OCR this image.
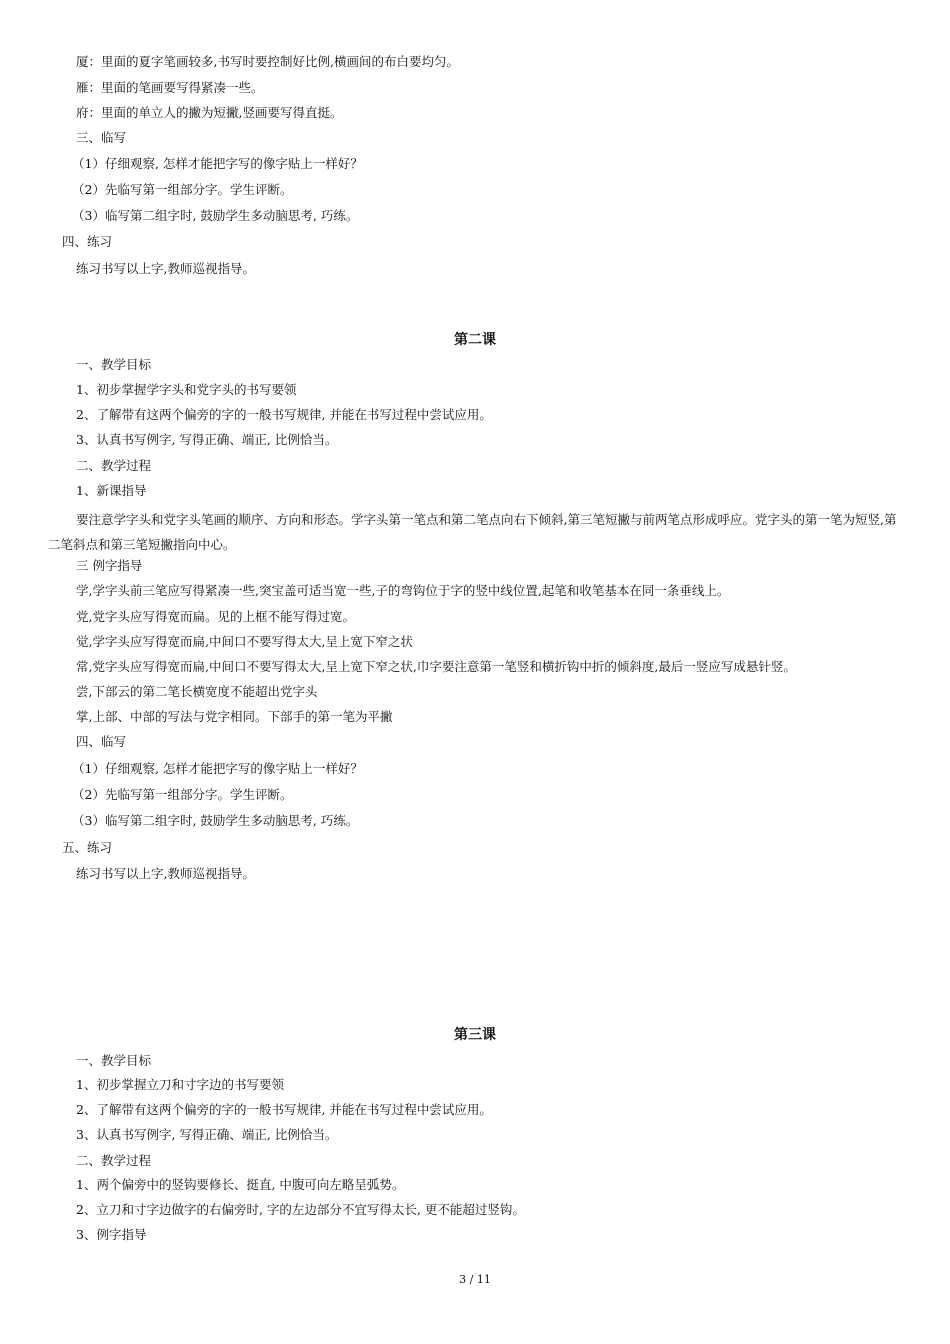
厦：里面的夏字笔画较多,书写时要控制好比例,横画间的布白要均匀。
雁：里面的笔画要写得紧凑一些。
府：里面的单立人的撇为短撇,竖画要写得直挺。
三、临写
（1）仔细观察, 怎样才能把字写的像字贴上一样好？
（2）先临写第一组部分字。学生评断。
（3）临写第二组字时, 鼓励学生多动脑思考, 巧练。
四、练习
练习书写以上字,教师巡视指导。
第二课
一、教学目标
1、初步掌握学字头和党字头的书写要领
2、了解带有这两个偏旁的字的一般书写规律, 并能在书写过程中尝试应用。
3、认真书写例字, 写得正确、端正, 比例恰当。
二、教学过程
1、新课指导
要注意学字头和党字头笔画的顺序、方向和形态。学字头第一笔点和第二笔点向右下倾斜,第三笔短撇与前两笔点形成呼应。党字头的第一笔为短竖,第二笔斜点和第三笔短撇指向中心。
三 例字指导
学,学字头前三笔应写得紧凑一些,突宝盖可适当宽一些,子的弯钩位于字的竖中线位置,起笔和收笔基本在同一条垂线上。
党,党字头应写得宽而扁。见的上框不能写得过宽。
觉,学字头应写得宽而扁,中间口不要写得太大,呈上宽下窄之状
常,党字头应写得宽而扁,中间口不要写得太大,呈上宽下窄之状,巾字要注意第一笔竖和横折钩中折的倾斜度,最后一竖应写成悬针竖。
尝,下部云的第二笔长横宽度不能超出党字头
掌,上部、中部的写法与党字相同。下部手的第一笔为平撇
四、临写
（1）仔细观察, 怎样才能把字写的像字贴上一样好？
（2）先临写第一组部分字。学生评断。
（3）临写第二组字时, 鼓励学生多动脑思考, 巧练。
五、练习
练习书写以上字,教师巡视指导。
第三课
一、教学目标
1、初步掌握立刀和寸字边的书写要领
2、了解带有这两个偏旁的字的一般书写规律, 并能在书写过程中尝试应用。
3、认真书写例字, 写得正确、端正, 比例恰当。
二、教学过程
1、两个偏旁中的竖钩要修长、挺直, 中腹可向左略呈弧势。
2、立刀和寸字边做字的右偏旁时, 字的左边部分不宜写得太长, 更不能超过竖钩。
3、例字指导
3 / 11
